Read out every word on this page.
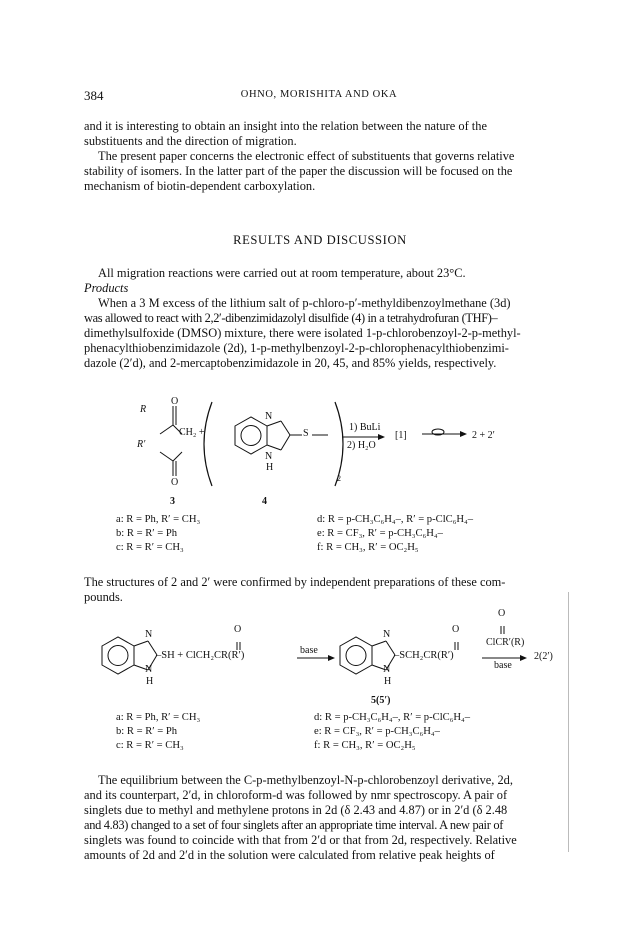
384	OHNO, MORISHITA AND OKA
and it is interesting to obtain an insight into the relation between the nature of the
substituents and the direction of migration.
The present paper concerns the electronic effect of substituents that governs relative
stability of isomers. In the latter part of the paper the discussion will be focused on the
mechanism of biotin-dependent carboxylation.
RESULTS AND DISCUSSION
All migration reactions were carried out at room temperature, about 23°C.
Products
When a 3 M excess of the lithium salt of p-chloro-p′-methyldibenzoylmethane (3d)
was allowed to react with 2,2′-dibenzimidazolyl disulfide (4) in a tetrahydrofuran (THF)–
dimethylsulfoxide (DMSO) mixture, there were isolated 1-p-chlorobenzoyl-2-p-methyl-
phenacylthiobenzimidazole (2d), 1-p-methylbenzoyl-2-p-chlorophenacylthiobenzimi-
dazole (2′d), and 2-mercaptobenzimidazole in 20, 45, and 85% yields, respectively.
R
R′
O
O
CH₂ +
N
N
H
S
2
1) BuLi
2) H₂O
[1]	2 + 2′
3	4
a: R = Ph, R′ = CH₃
b: R = R′ = Ph
c: R = R′ = CH₃
d: R = p-CH₃C₆H₄–, R′ = p-ClC₆H₄–
e: R = CF₃, R′ = p-CH₃C₆H₄–
f: R = CH₃, R′ = OC₂H₅
The structures of 2 and 2′ were confirmed by independent preparations of these com-
pounds.
N
N
H
–SH + ClCH₂CR(R′)
O
base
N
N
H
–SCH₂CR(R′)
O
O
ClCR′(R)
base
2(2′)
5(5′)
a: R = Ph, R′ = CH₃
b: R = R′ = Ph
c: R = R′ = CH₃
d: R = p-CH₃C₆H₄–, R′ = p-ClC₆H₄–
e: R = CF₃, R′ = p-CH₃C₆H₄–
f: R = CH₃, R′ = OC₂H₅
The equilibrium between the C-p-methylbenzoyl-N-p-chlorobenzoyl derivative, 2d,
and its counterpart, 2′d, in chloroform-d was followed by nmr spectroscopy. A pair of
singlets due to methyl and methylene protons in 2d (δ 2.43 and 4.87) or in 2′d (δ 2.48
and 4.83) changed to a set of four singlets after an appropriate time interval. A new pair of
singlets was found to coincide with that from 2′d or that from 2d, respectively. Relative
amounts of 2d and 2′d in the solution were calculated from relative peak heights of
